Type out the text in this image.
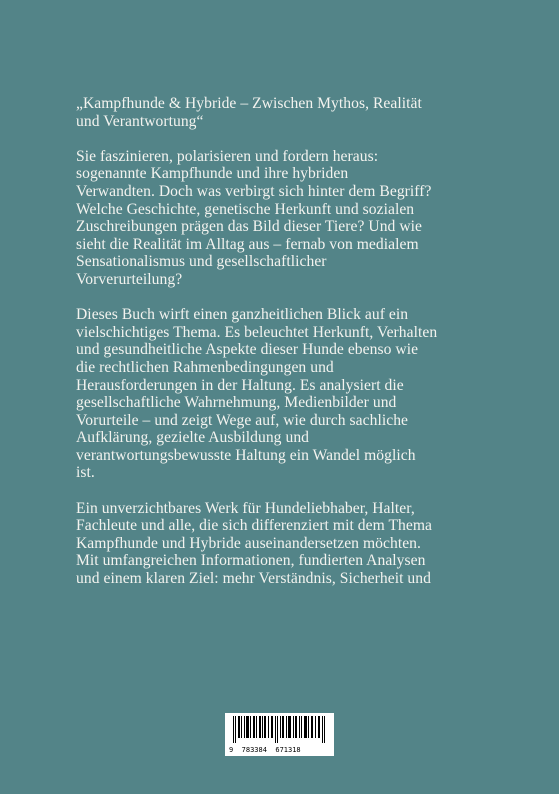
„Kampfhunde & Hybride – Zwischen Mythos, Realität
und Verantwortung“

Sie faszinieren, polarisieren und fordern heraus:
sogenannte Kampfhunde und ihre hybriden
Verwandten. Doch was verbirgt sich hinter dem Begriff?
Welche Geschichte, genetische Herkunft und sozialen
Zuschreibungen prägen das Bild dieser Tiere? Und wie
sieht die Realität im Alltag aus – fernab von medialem
Sensationalismus und gesellschaftlicher
Vorverurteilung?

Dieses Buch wirft einen ganzheitlichen Blick auf ein
vielschichtiges Thema. Es beleuchtet Herkunft, Verhalten
und gesundheitliche Aspekte dieser Hunde ebenso wie
die rechtlichen Rahmenbedingungen und
Herausforderungen in der Haltung. Es analysiert die
gesellschaftliche Wahrnehmung, Medienbilder und
Vorurteile – und zeigt Wege auf, wie durch sachliche
Aufklärung, gezielte Ausbildung und
verantwortungsbewusste Haltung ein Wandel möglich
ist.

Ein unverzichtbares Werk für Hundeliebhaber, Halter,
Fachleute und alle, die sich differenziert mit dem Thema
Kampfhunde und Hybride auseinandersetzen möchten.
Mit umfangreichen Informationen, fundierten Analysen
und einem klaren Ziel: mehr Verständnis, Sicherheit und

9  783384  671318
